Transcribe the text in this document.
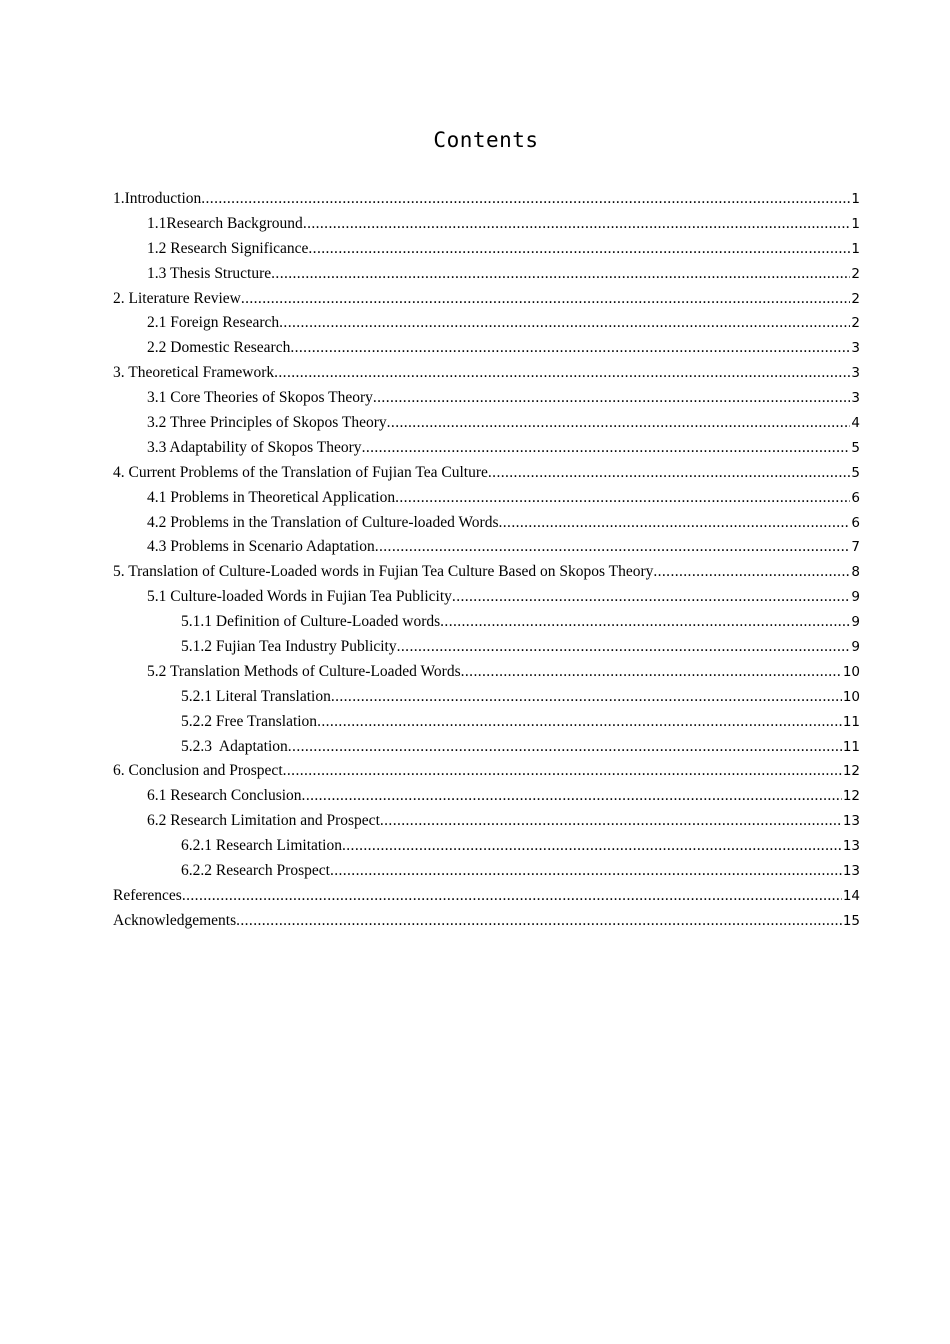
Contents
1.Introduction .....	1
1.1Research Background .....	1
1.2 Research Significance .....	1
1.3 Thesis Structure .....	2
2. Literature Review .....	2
2.1 Foreign Research .....	2
2.2 Domestic Research .....	3
3. Theoretical Framework .....	3
3.1 Core Theories of Skopos Theory .....	3
3.2 Three Principles of Skopos Theory .....	4
3.3 Adaptability of Skopos Theory .....	5
4. Current Problems of the Translation of Fujian Tea Culture .....	5
4.1 Problems in Theoretical Application .....	6
4.2 Problems in the Translation of Culture-loaded Words .....	6
4.3 Problems in Scenario Adaptation .....	7
5. Translation of Culture-Loaded words in Fujian Tea Culture Based on Skopos Theory .....	8
5.1 Culture-loaded Words in Fujian Tea Publicity .....	9
5.1.1 Definition of Culture-Loaded words .....	9
5.1.2 Fujian Tea Industry Publicity .....	9
5.2 Translation Methods of Culture-Loaded Words .....	10
5.2.1 Literal Translation .....	10
5.2.2 Free Translation .....	11
5.2.3  Adaptation .....	11
6. Conclusion and Prospect .....	12
6.1 Research Conclusion .....	12
6.2 Research Limitation and Prospect .....	13
6.2.1 Research Limitation .....	13
6.2.2 Research Prospect .....	13
References .....	14
Acknowledgements .....	15
